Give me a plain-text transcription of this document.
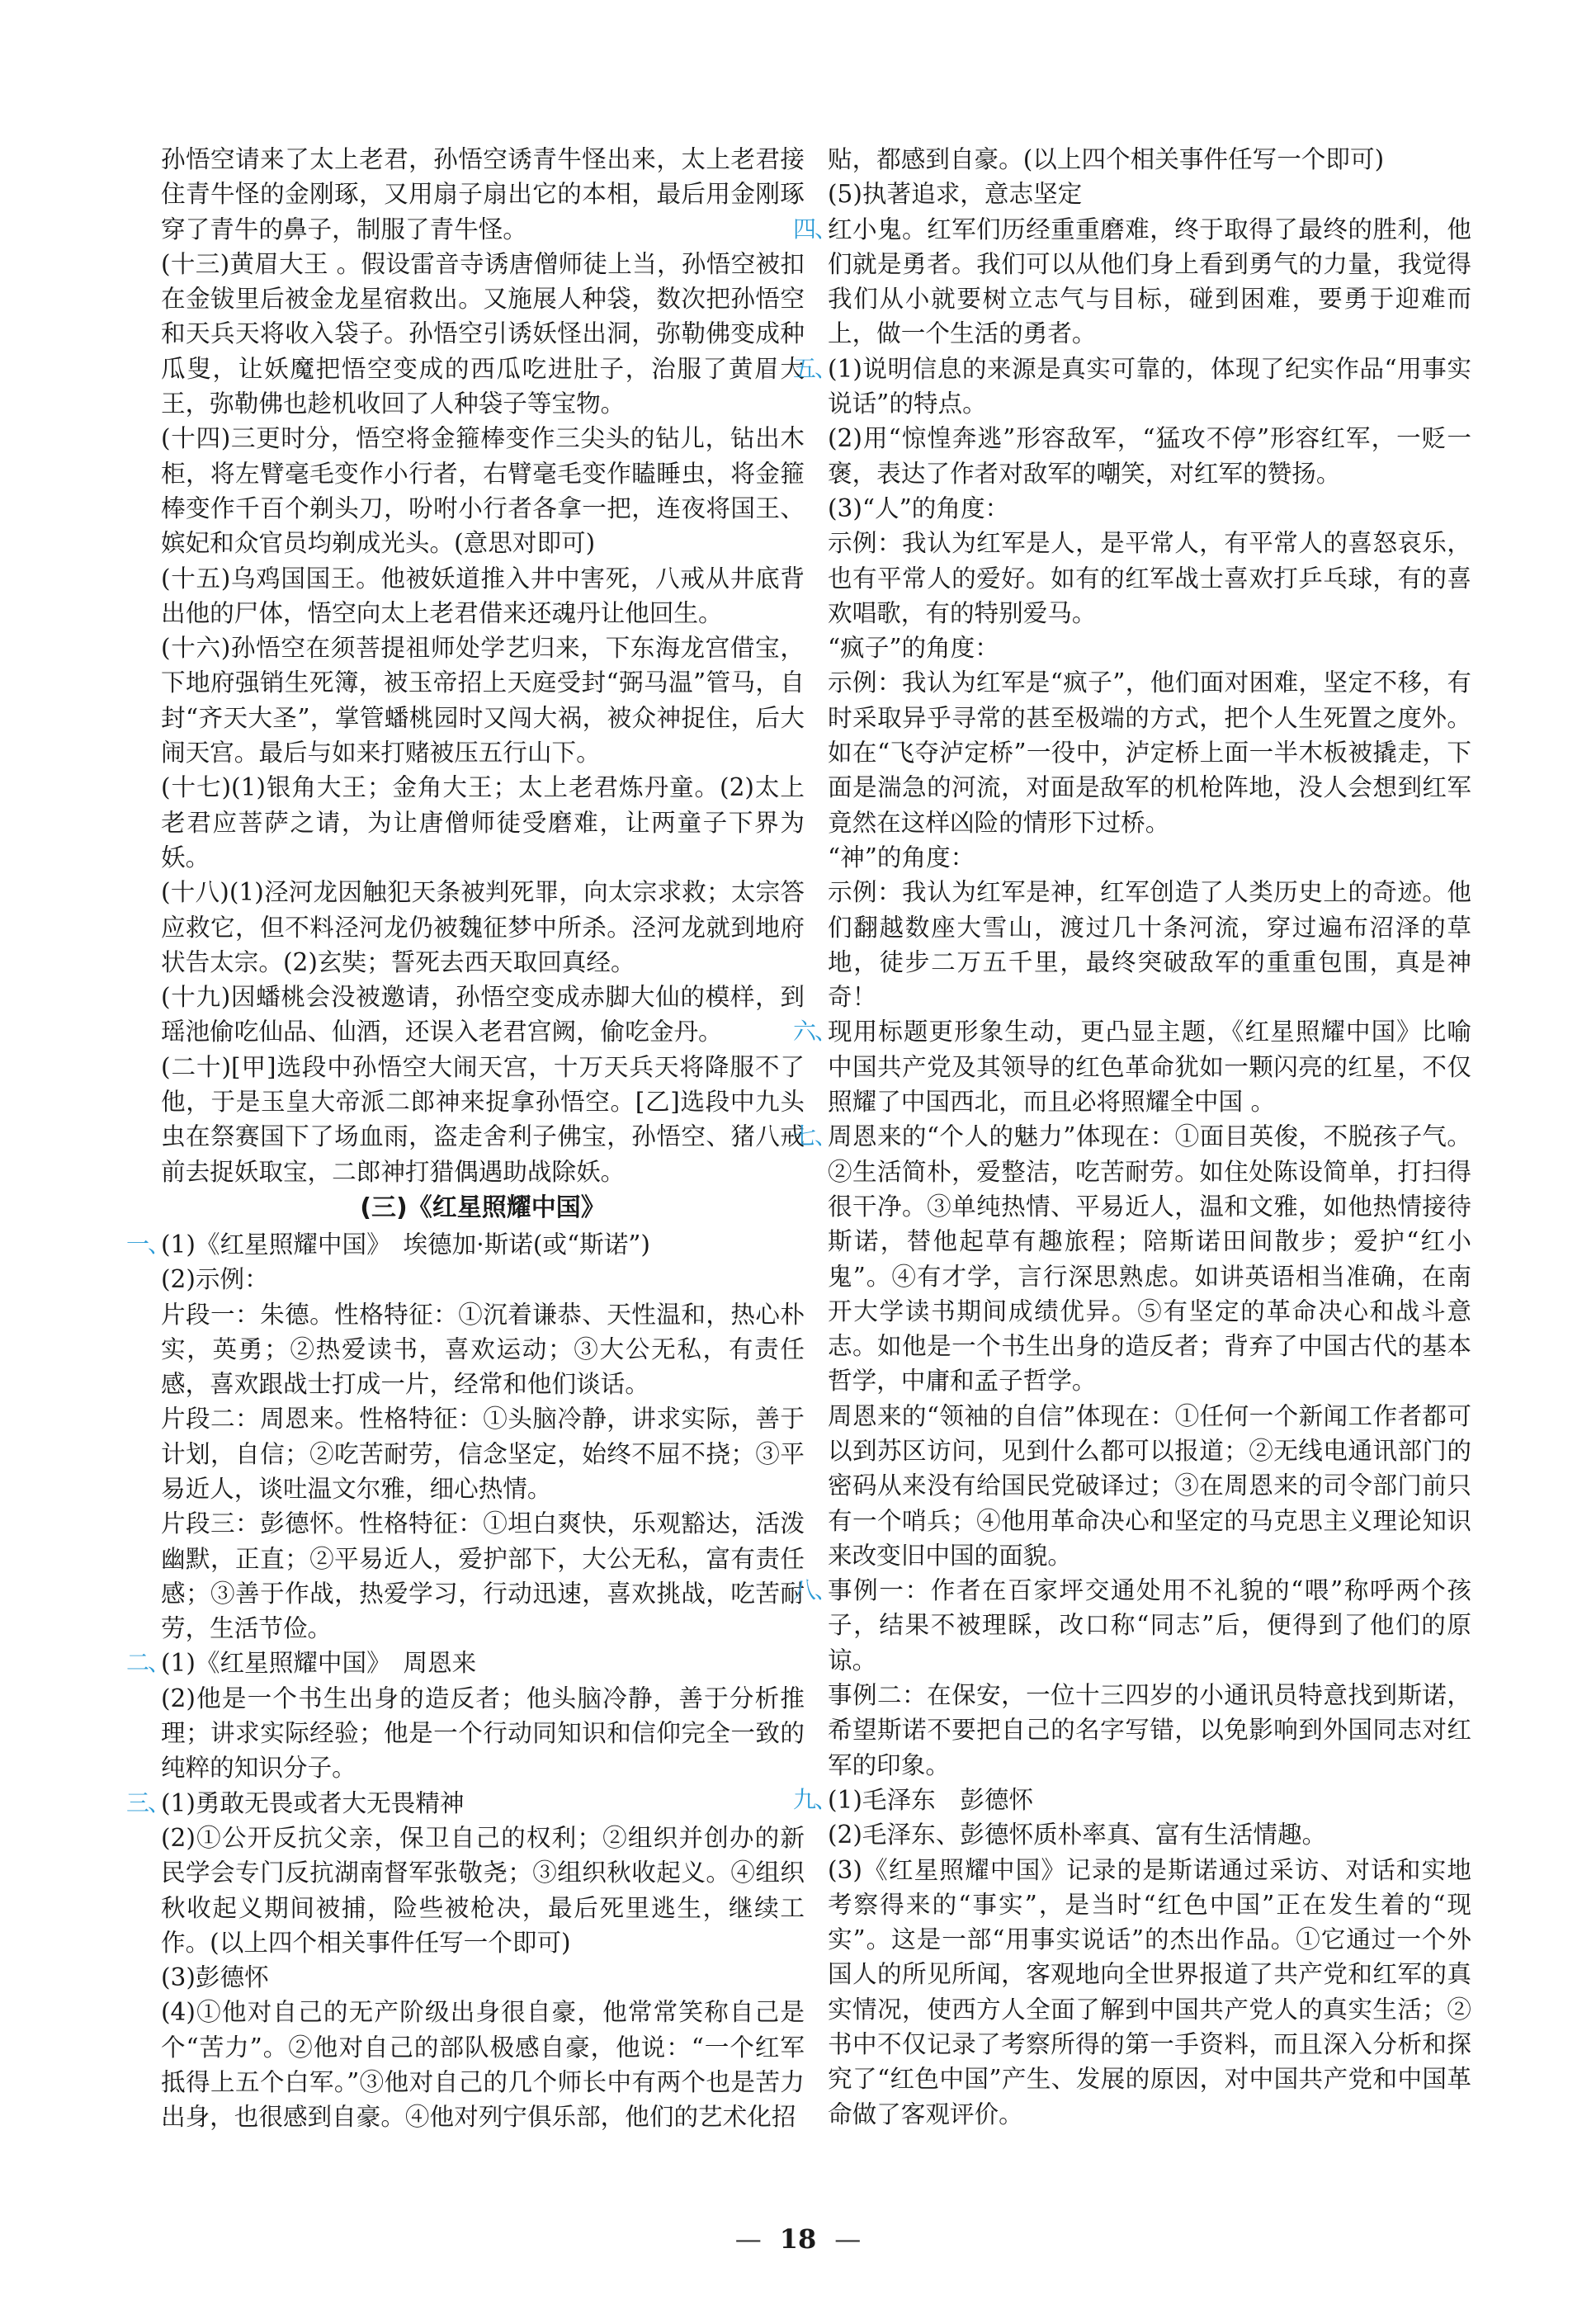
孙悟空请来了太上老君，孙悟空诱青牛怪出来，太上老君接住青牛怪的金刚琢，又用扇子扇出它的本相，最后用金刚琢穿了青牛的鼻子，制服了青牛怪。

(十三)黄眉大王 。假设雷音寺诱唐僧师徒上当，孙悟空被扣在金钹里后被金龙星宿救出。又施展人种袋，数次把孙悟空和天兵天将收入袋子。孙悟空引诱妖怪出洞，弥勒佛变成种瓜叟，让妖魔把悟空变成的西瓜吃进肚子，治服了黄眉大王，弥勒佛也趁机收回了人种袋子等宝物。

(十四)三更时分，悟空将金箍棒变作三尖头的钻儿，钻出木柜，将左臂毫毛变作小行者，右臂毫毛变作瞌睡虫，将金箍棒变作千百个剃头刀，吩咐小行者各拿一把，连夜将国王、嫔妃和众官员均剃成光头。(意思对即可)

(十五)乌鸡国国王。他被妖道推入井中害死，八戒从井底背出他的尸体，悟空向太上老君借来还魂丹让他回生。

(十六)孙悟空在须菩提祖师处学艺归来，下东海龙宫借宝，下地府强销生死簿，被玉帝招上天庭受封“弼马温”管马，自封“齐天大圣”，掌管蟠桃园时又闯大祸，被众神捉住，后大闹天宫。最后与如来打赌被压五行山下。

(十七)(1)银角大王；金角大王；太上老君炼丹童。(2)太上老君应菩萨之请，为让唐僧师徒受磨难，让两童子下界为妖。

(十八)(1)泾河龙因触犯天条被判死罪，向太宗求救；太宗答应救它，但不料泾河龙仍被魏征梦中所杀。泾河龙就到地府状告太宗。(2)玄奘；誓死去西天取回真经。

(十九)因蟠桃会没被邀请，孙悟空变成赤脚大仙的模样，到瑶池偷吃仙品、仙酒，还误入老君宫阙，偷吃金丹。

(二十)[甲]选段中孙悟空大闹天宫，十万天兵天将降服不了他，于是玉皇大帝派二郎神来捉拿孙悟空。[乙]选段中九头虫在祭赛国下了场血雨，盗走舍利子佛宝，孙悟空、猪八戒前去捉妖取宝，二郎神打猎偶遇助战除妖。

(三)《红星照耀中国》
一、

(1)《红星照耀中国》　埃德加·斯诺(或“斯诺”)

(2)示例：

片段一：朱德。性格特征：①沉着谦恭、天性温和，热心朴实，英勇；②热爱读书，喜欢运动；③大公无私，有责任感，喜欢跟战士打成一片，经常和他们谈话。

片段二：周恩来。性格特征：①头脑冷静，讲求实际，善于计划，自信；②吃苦耐劳，信念坚定，始终不屈不挠；③平易近人，谈吐温文尔雅，细心热情。

片段三：彭德怀。性格特征：①坦白爽快，乐观豁达，活泼幽默，正直；②平易近人，爱护部下，大公无私，富有责任感；③善于作战，热爱学习，行动迅速，喜欢挑战，吃苦耐劳，生活节俭。

二、

(1)《红星照耀中国》　周恩来

(2)他是一个书生出身的造反者；他头脑冷静，善于分析推理；讲求实际经验；他是一个行动同知识和信仰完全一致的纯粹的知识分子。

三、

(1)勇敢无畏或者大无畏精神

(2)①公开反抗父亲，保卫自己的权利；②组织并创办的新民学会专门反抗湖南督军张敬尧；③组织秋收起义。④组织秋收起义期间被捕，险些被枪决，最后死里逃生，继续工作。(以上四个相关事件任写一个即可)

(3)彭德怀

(4)①他对自己的无产阶级出身很自豪，他常常笑称自己是个“苦力”。②他对自己的部队极感自豪，他说：“一个红军抵得上五个白军。”③他对自己的几个师长中有两个也是苦力出身，也很感到自豪。④他对列宁俱乐部，他们的艺术化招

贴，都感到自豪。(以上四个相关事件任写一个即可)

(5)执著追求，意志坚定

四、

红小鬼。红军们历经重重磨难，终于取得了最终的胜利，他们就是勇者。我们可以从他们身上看到勇气的力量，我觉得我们从小就要树立志气与目标，碰到困难，要勇于迎难而上，做一个生活的勇者。

五、

(1)说明信息的来源是真实可靠的，体现了纪实作品“用事实说话”的特点。

(2)用“惊惶奔逃”形容敌军，“猛攻不停”形容红军，一贬一褒，表达了作者对敌军的嘲笑，对红军的赞扬。

(3)“人”的角度：

示例：我认为红军是人，是平常人，有平常人的喜怒哀乐，也有平常人的爱好。如有的红军战士喜欢打乒乓球，有的喜欢唱歌，有的特别爱马。

“疯子”的角度：

示例：我认为红军是“疯子”，他们面对困难，坚定不移，有时采取异乎寻常的甚至极端的方式，把个人生死置之度外。如在“飞夺泸定桥”一役中，泸定桥上面一半木板被撬走，下面是湍急的河流，对面是敌军的机枪阵地，没人会想到红军竟然在这样凶险的情形下过桥。

“神”的角度：

示例：我认为红军是神，红军创造了人类历史上的奇迹。他们翻越数座大雪山，渡过几十条河流，穿过遍布沼泽的草地，徒步二万五千里，最终突破敌军的重重包围，真是神奇！

六、

现用标题更形象生动，更凸显主题，《红星照耀中国》比喻中国共产党及其领导的红色革命犹如一颗闪亮的红星，不仅照耀了中国西北，而且必将照耀全中国 。

七、

周恩来的“个人的魅力”体现在：①面目英俊，不脱孩子气。②生活简朴，爱整洁，吃苦耐劳。如住处陈设简单，打扫得很干净。③单纯热情、平易近人，温和文雅，如他热情接待斯诺，替他起草有趣旅程；陪斯诺田间散步；爱护“红小鬼”。④有才学，言行深思熟虑。如讲英语相当准确，在南开大学读书期间成绩优异。⑤有坚定的革命决心和战斗意志。如他是一个书生出身的造反者；背弃了中国古代的基本哲学，中庸和孟子哲学。

周恩来的“领袖的自信”体现在：①任何一个新闻工作者都可以到苏区访问，见到什么都可以报道；②无线电通讯部门的密码从来没有给国民党破译过；③在周恩来的司令部门前只有一个哨兵；④他用革命决心和坚定的马克思主义理论知识来改变旧中国的面貌。

八、

事例一：作者在百家坪交通处用不礼貌的“喂”称呼两个孩子，结果不被理睬，改口称“同志”后，便得到了他们的原谅。

事例二：在保安，一位十三四岁的小通讯员特意找到斯诺，希望斯诺不要把自己的名字写错，以免影响到外国同志对红军的印象。

九、

(1)毛泽东　彭德怀

(2)毛泽东、彭德怀质朴率真、富有生活情趣。

(3)《红星照耀中国》记录的是斯诺通过采访、对话和实地考察得来的“事实”，是当时“红色中国”正在发生着的“现实”。这是一部“用事实说话”的杰出作品。①它通过一个外国人的所见所闻，客观地向全世界报道了共产党和红军的真实情况，使西方人全面了解到中国共产党人的真实生活；②书中不仅记录了考察所得的第一手资料，而且深入分析和探究了“红色中国”产生、发展的原因，对中国共产党和中国革命做了客观评价。

— 18 —
